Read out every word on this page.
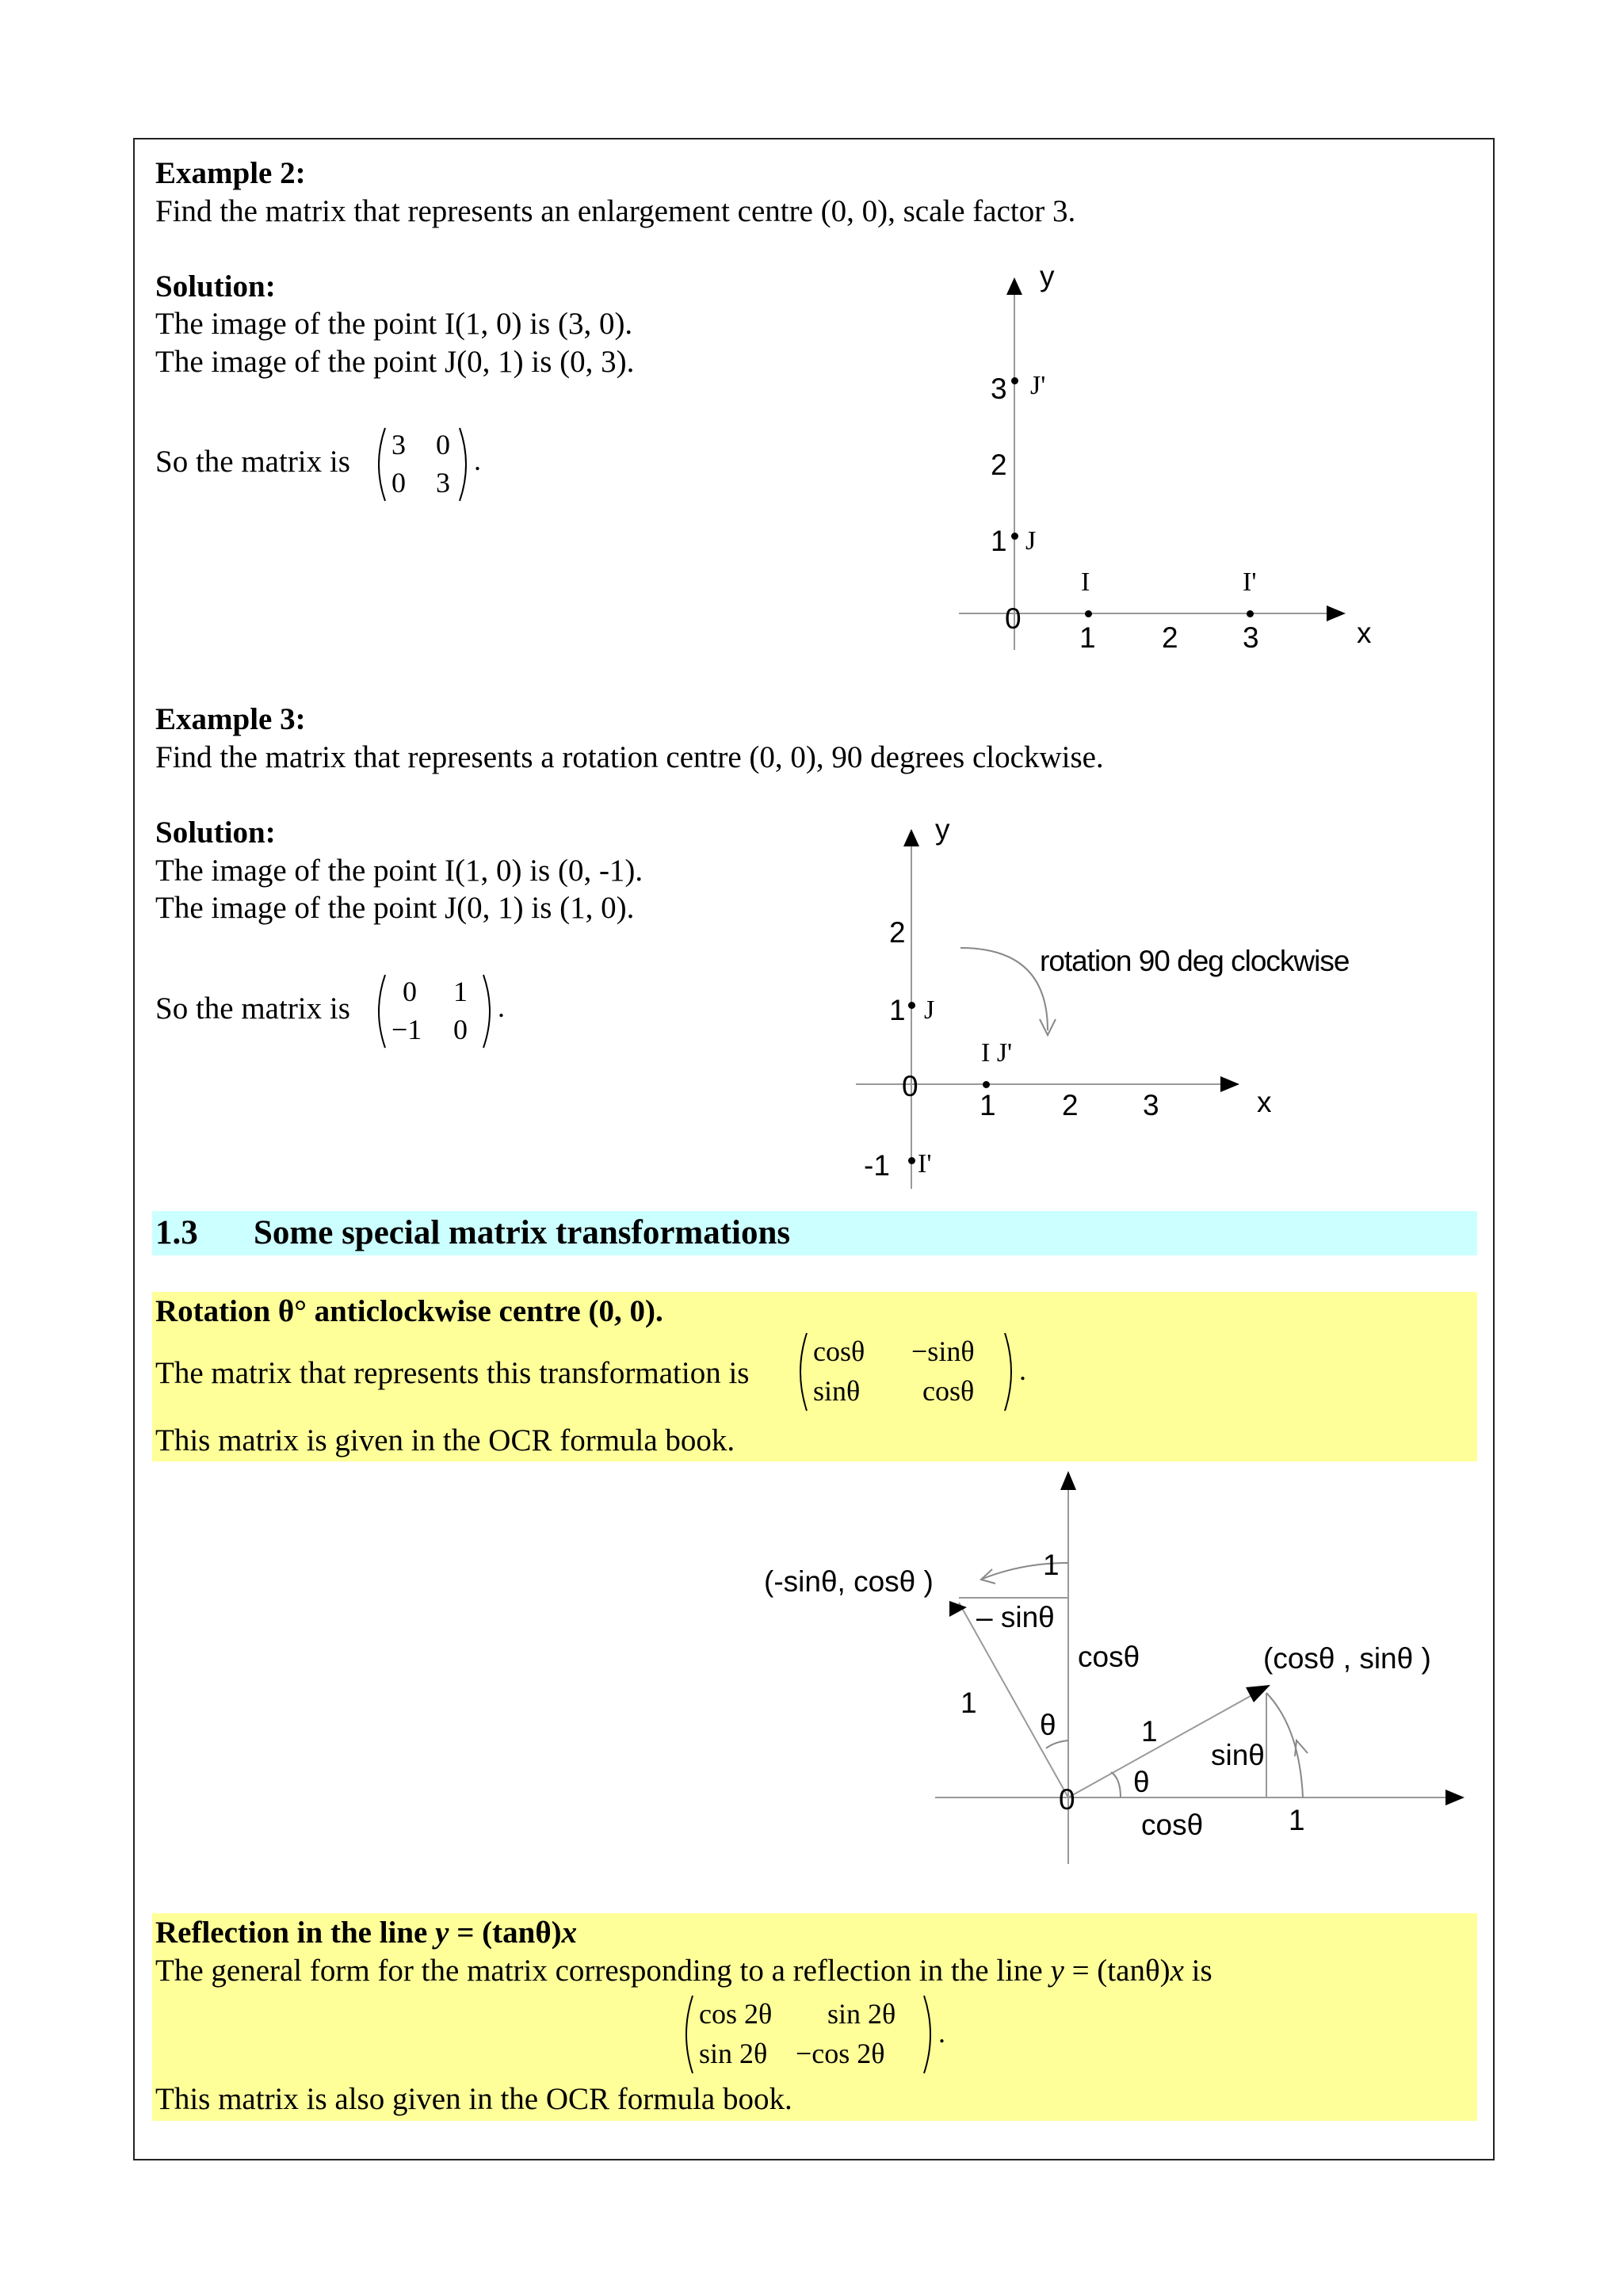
Example 2:
Find the matrix that represents an enlargement centre (0, 0), scale factor 3.
Solution:
The image of the point I(1, 0) is (3, 0).
The image of the point J(0, 1) is (0, 3).
So the matrix is 3 0
0 3
.
y
x
3
2
1
0
1 2 3
J'
J
I	I'
Example 3:
Find the matrix that represents a rotation centre (0, 0), 90 degrees clockwise.
Solution:
The image of the point I(1, 0) is (0, -1).
The image of the point J(0, 1) is (1, 0).
So the matrix is 0 1
−1 0
.
y
x
2
1
0
-1
1 2 3
J
I J'
I'
rotation 90 deg clockwise
1.3 Some special matrix transformations
Rotation θ° anticlockwise centre (0, 0).
The matrix that represents this transformation is
cosθ −sinθ
sinθ cosθ
.
This matrix is given in the OCR formula book.
(-sinθ, cosθ )
(cosθ , sinθ )
1
– sinθ
cosθ
1
θ	1
sinθ
θ
0
cosθ	1
Reflection in the line y = (tanθ)x
The general form for the matrix corresponding to a reflection in the line y = (tanθ)x is
cos 2θ sin 2θ
sin 2θ −cos 2θ
.
This matrix is also given in the OCR formula book.
